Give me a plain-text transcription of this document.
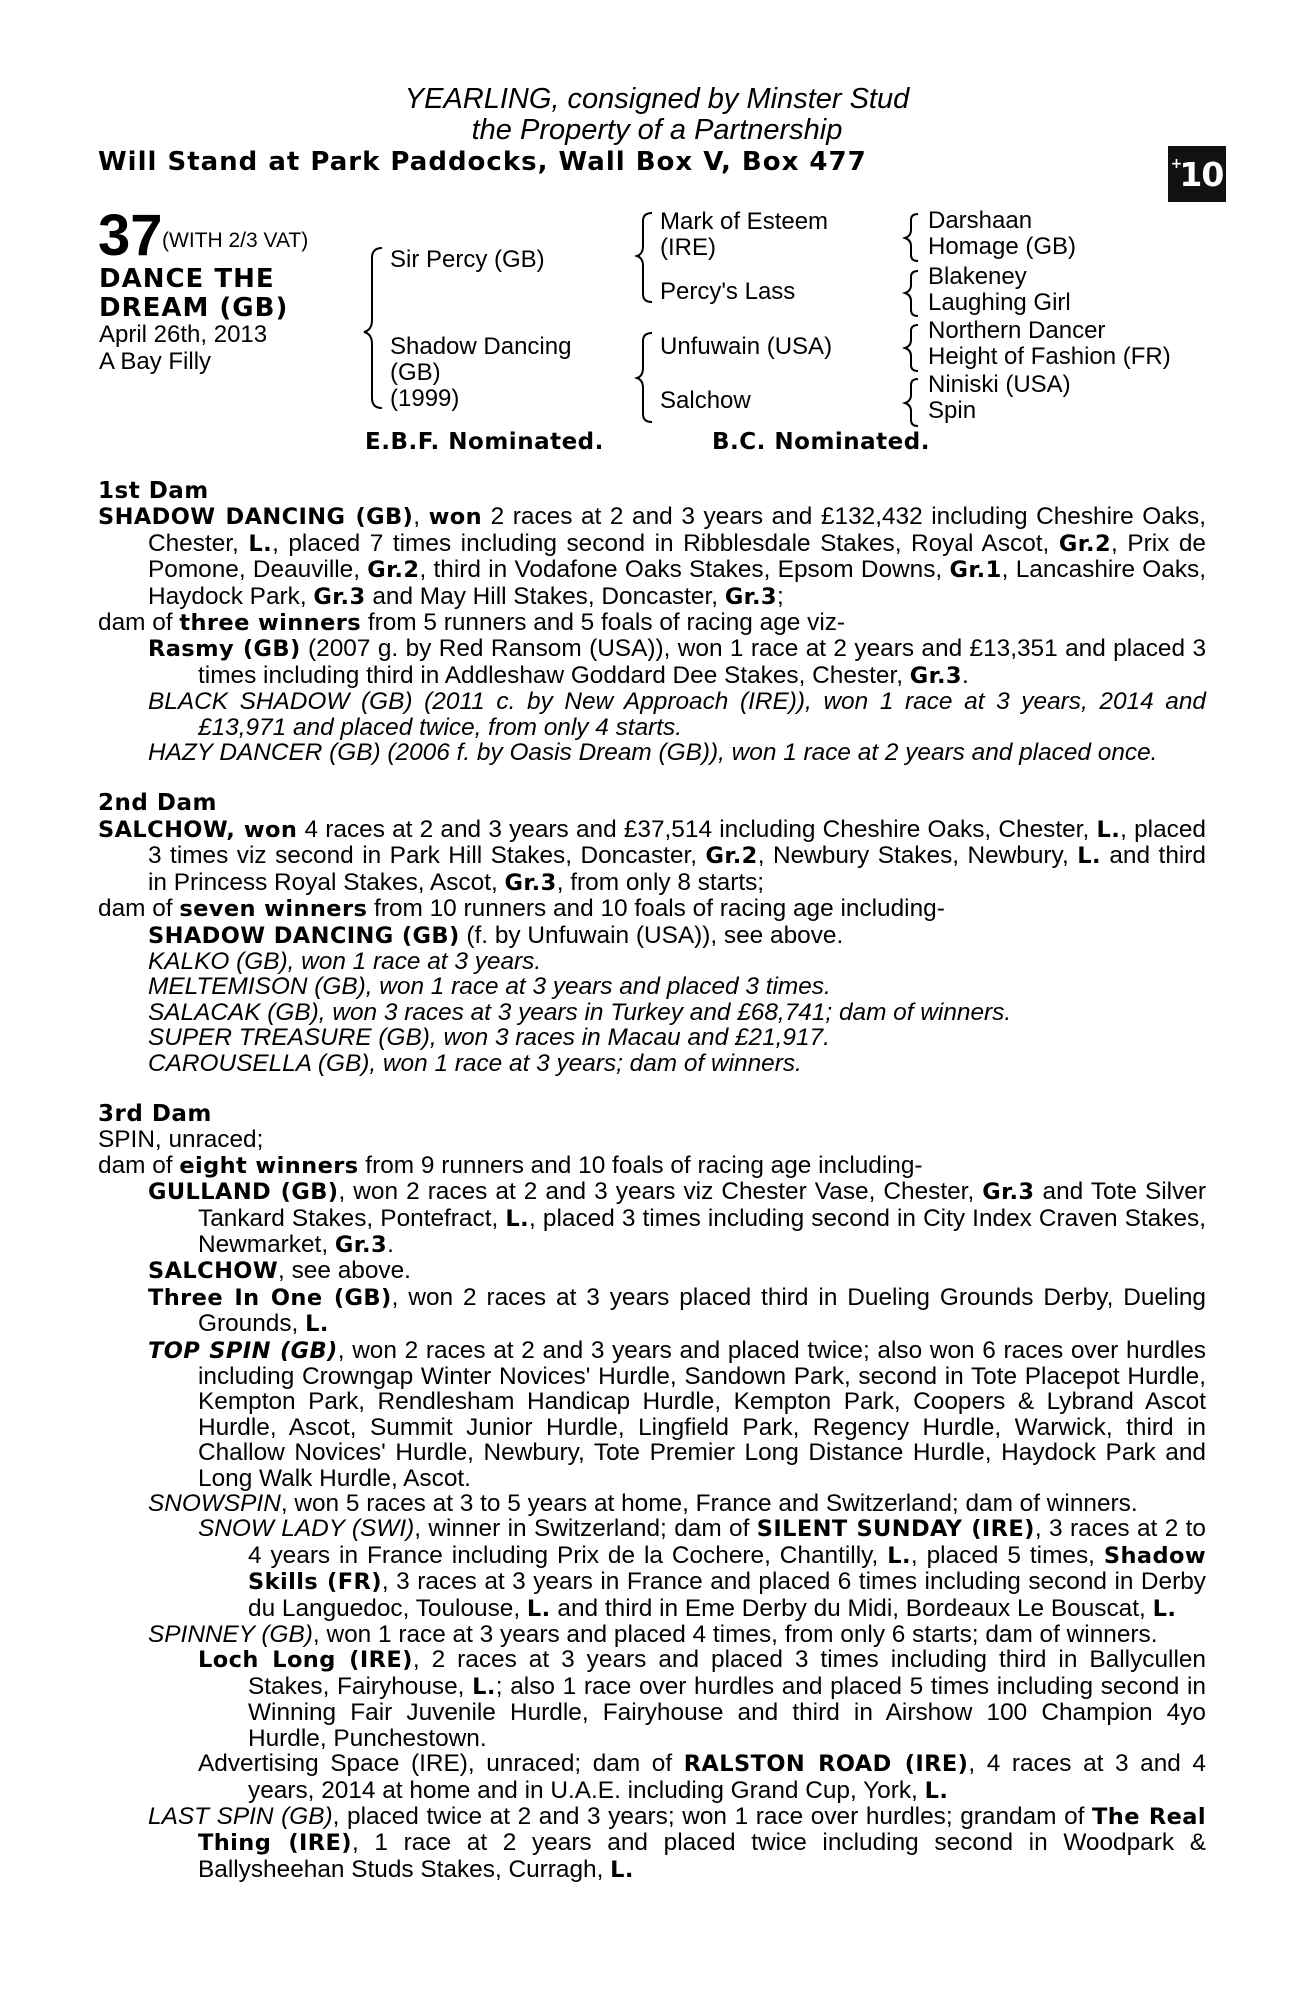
YEARLING, consigned by Minster Stud
the Property of a Partnership
Will Stand at Park Paddocks, Wall Box V, Box 477	+
10
37 (WITH 2/3 VAT)
DANCE THE
DREAM (GB)
April 26th, 2013
A Bay Filly
Sir Percy (GB)
Shadow Dancing
(GB)
(1999)
Mark of Esteem
(IRE)
Percy's Lass
Unfuwain (USA)
Salchow
Darshaan
Homage (GB)
Blakeney
Laughing Girl
Northern Dancer
Height of Fashion (FR)
Niniski (USA)
Spin
E.B.F. Nominated.	B.C. Nominated.

1st Dam

SHADOW DANCING (GB), won 2 races at 2 and 3 years and £132,432 including Cheshire Oaks, Chester, L., placed 7 times including second in Ribblesdale Stakes, Royal Ascot, Gr.2, Prix de Pomone, Deauville, Gr.2, third in Vodafone Oaks Stakes, Epsom Downs, Gr.1, Lancashire Oaks, Haydock Park, Gr.3 and May Hill Stakes, Doncaster, Gr.3;

dam of three winners from 5 runners and 5 foals of racing age viz-

Rasmy (GB) (2007 g. by Red Ransom (USA)), won 1 race at 2 years and £13,351 and placed 3 times including third in Addleshaw Goddard Dee Stakes, Chester, Gr.3.

BLACK SHADOW (GB) (2011 c. by New Approach (IRE)), won 1 race at 3 years, 2014 and £13,971 and placed twice, from only 4 starts.

HAZY DANCER (GB) (2006 f. by Oasis Dream (GB)), won 1 race at 2 years and placed once.

2nd Dam

SALCHOW, won 4 races at 2 and 3 years and £37,514 including Cheshire Oaks, Chester, L., placed 3 times viz second in Park Hill Stakes, Doncaster, Gr.2, Newbury Stakes, Newbury, L. and third in Princess Royal Stakes, Ascot, Gr.3, from only 8 starts;

dam of seven winners from 10 runners and 10 foals of racing age including-

SHADOW DANCING (GB) (f. by Unfuwain (USA)), see above.

KALKO (GB), won 1 race at 3 years.

MELTEMISON (GB), won 1 race at 3 years and placed 3 times.

SALACAK (GB), won 3 races at 3 years in Turkey and £68,741; dam of winners.

SUPER TREASURE (GB), won 3 races in Macau and £21,917.

CAROUSELLA (GB), won 1 race at 3 years; dam of winners.

3rd Dam

SPIN, unraced;

dam of eight winners from 9 runners and 10 foals of racing age including-

GULLAND (GB), won 2 races at 2 and 3 years viz Chester Vase, Chester, Gr.3 and Tote Silver Tankard Stakes, Pontefract, L., placed 3 times including second in City Index Craven Stakes, Newmarket, Gr.3.

SALCHOW, see above.

Three In One (GB), won 2 races at 3 years placed third in Dueling Grounds Derby, Dueling Grounds, L.

TOP SPIN (GB), won 2 races at 2 and 3 years and placed twice; also won 6 races over hurdles including Crowngap Winter Novices' Hurdle, Sandown Park, second in Tote Placepot Hurdle, Kempton Park, Rendlesham Handicap Hurdle, Kempton Park, Coopers & Lybrand Ascot Hurdle, Ascot, Summit Junior Hurdle, Lingfield Park, Regency Hurdle, Warwick, third in Challow Novices' Hurdle, Newbury, Tote Premier Long Distance Hurdle, Haydock Park and Long Walk Hurdle, Ascot.

SNOWSPIN, won 5 races at 3 to 5 years at home, France and Switzerland; dam of winners.

SNOW LADY (SWI), winner in Switzerland; dam of SILENT SUNDAY (IRE), 3 races at 2 to 4 years in France including Prix de la Cochere, Chantilly, L., placed 5 times, Shadow Skills (FR), 3 races at 3 years in France and placed 6 times including second in Derby du Languedoc, Toulouse, L. and third in Eme Derby du Midi, Bordeaux Le Bouscat, L.

SPINNEY (GB), won 1 race at 3 years and placed 4 times, from only 6 starts; dam of winners.

Loch Long (IRE), 2 races at 3 years and placed 3 times including third in Ballycullen Stakes, Fairyhouse, L.; also 1 race over hurdles and placed 5 times including second in Winning Fair Juvenile Hurdle, Fairyhouse and third in Airshow 100 Champion 4yo Hurdle, Punchestown.

Advertising Space (IRE), unraced; dam of RALSTON ROAD (IRE), 4 races at 3 and 4 years, 2014 at home and in U.A.E. including Grand Cup, York, L.

LAST SPIN (GB), placed twice at 2 and 3 years; won 1 race over hurdles; grandam of The Real Thing (IRE), 1 race at 2 years and placed twice including second in Woodpark & Ballysheehan Studs Stakes, Curragh, L.
